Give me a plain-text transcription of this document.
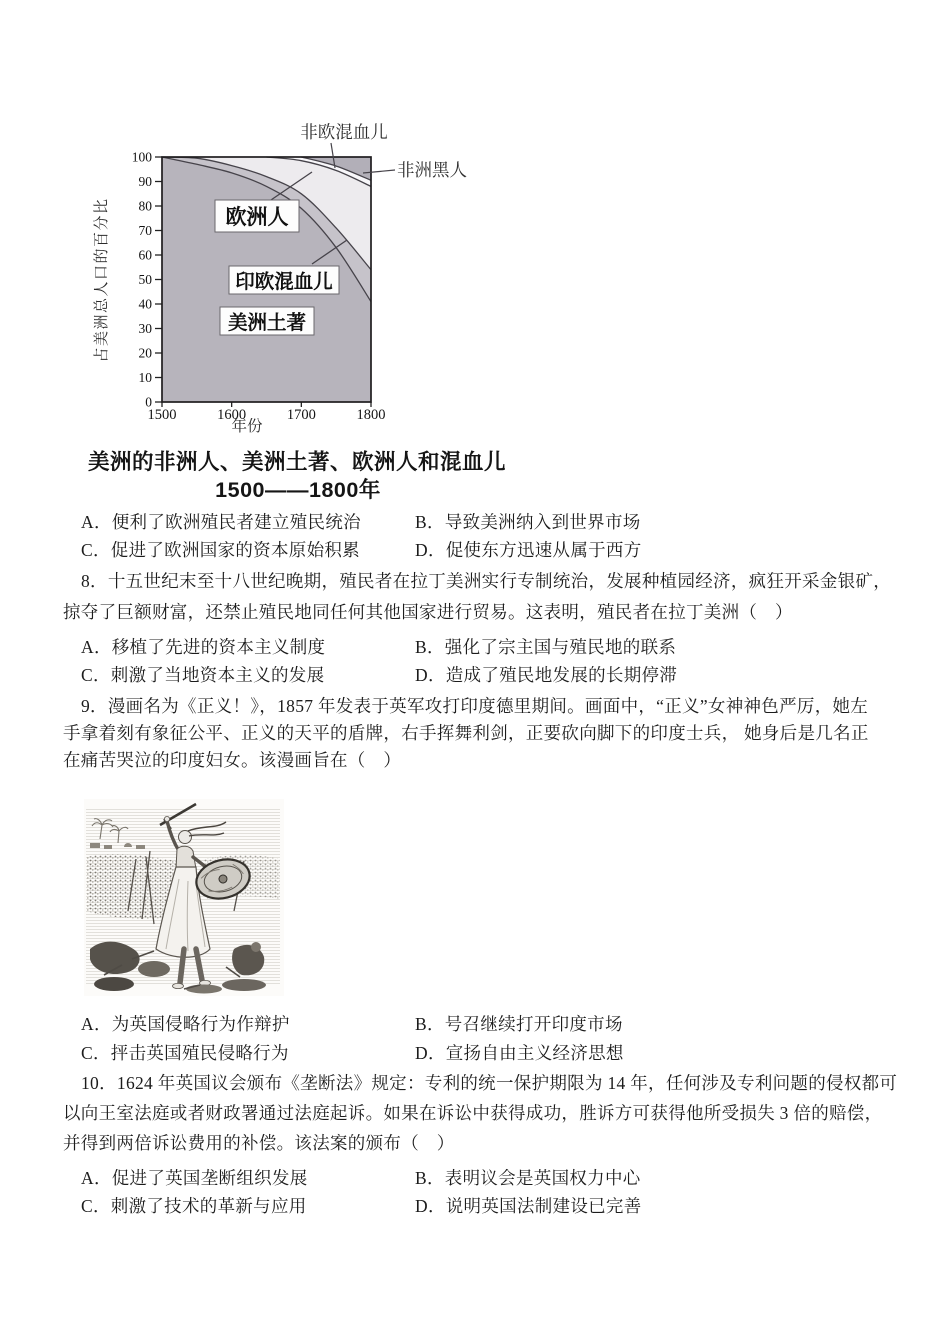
0
10
20
30
40
50
60
70
80
90
100
1500	1600	1700	1800
占美洲总人口的百分比
年份
非欧混血儿
非洲黑人
欧洲人
印欧混血儿
美洲土著
美洲的非洲人、美洲土著、欧洲人和混血儿
1500——1800年
A．便利了欧洲殖民者建立殖民统治	B．导致美洲纳入到世界市场
C．促进了欧洲国家的资本原始积累	D．促使东方迅速从属于西方
8．十五世纪末至十八世纪晚期，殖民者在拉丁美洲实行专制统治，发展种植园经济，疯狂开采金银矿，
掠夺了巨额财富，还禁止殖民地同任何其他国家进行贸易。这表明，殖民者在拉丁美洲（　）
A．移植了先进的资本主义制度	B．强化了宗主国与殖民地的联系
C．刺激了当地资本主义的发展	D．造成了殖民地发展的长期停滞
9．漫画名为《正义！》，1857 年发表于英军攻打印度德里期间。画面中，“正义”女神神色严厉，她左
手拿着刻有象征公平、正义的天平的盾牌，右手挥舞利剑，正要砍向脚下的印度士兵， 她身后是几名正
在痛苦哭泣的印度妇女。该漫画旨在（　）
A．为英国侵略行为作辩护	B．号召继续打开印度市场
C．抨击英国殖民侵略行为	D．宣扬自由主义经济思想
10．1624 年英国议会颁布《垄断法》规定：专利的统一保护期限为 14 年，任何涉及专利问题的侵权都可
以向王室法庭或者财政署通过法庭起诉。如果在诉讼中获得成功，胜诉方可获得他所受损失 3 倍的赔偿，
并得到两倍诉讼费用的补偿。该法案的颁布（　）
A．促进了英国垄断组织发展	B．表明议会是英国权力中心
C．刺激了技术的革新与应用	D．说明英国法制建设已完善
